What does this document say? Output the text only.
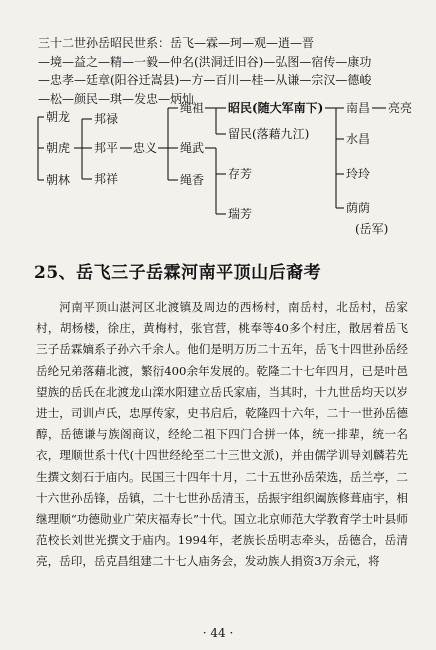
三十二世孙岳昭民世系：岳飞—霖—珂—观—逍—晋
—境—益之—精—一毅—仲名(洪洞迁旧谷)—弘图—宿传—康功
—忠孝—廷章(阳谷迁嵩县)—方—百川—桂—从谦—宗汉—德峻
—松—颜民—琪—发忠—炳灿
朝龙
朝虎
朝林
邦禄
邦平
邦祥
忠义
绳祖
绳武
绳香
昭民(随大军南下)
留民(落藉九江)
存芳
瑞芳
南昌
水昌
玲玲
荫荫
亮亮
(岳军)
25、岳飞三子岳霖河南平顶山后裔考

河南平顶山湛河区北渡镇及周边的西杨村，南岳村，北岳村，岳家村，胡杨楼，徐庄，黄梅村，张官营，桃奉等40多个村庄，散居着岳飞三子岳霖嫡系子孙六千余人。他们是明万历二十五年，岳飞十四世孙岳经岳纶兄弟落藉北渡，繁衍400余年发展的。乾隆二十七年四月，已是叶邑望族的岳氏在北渡龙山滦水阳建立岳氏家庙，当其时，十九世岳均天以岁进士，司训卢氏，忠厚传家，史书启后，乾隆四十六年，二十一世孙岳德醇，岳德谦与族阁商议，经纶二祖下四门合拼一体，统一排辈，统一名衣，理顺世系十代(十四世经纶至二十三世文派)，并由儒学训导刘麟若先生撰文刻石于庙内。民国三十四年十月，二十五世孙岳荣选，岳兰亭，二十六世孙岳锋，岳镇，二十七世孙岳清玉，岳振宇组织阖族修葺庙宇，相继理顺“功德勋业广荣庆福寿长”十代。国立北京师范大学教育学士叶县师范校长刘世光撰文于庙内。1994年，老族长岳明志牵头，岳德合，岳清亮，岳印，岳克昌组建二十七人庙务会，发动族人捐资3万余元，将

· 44 ·
